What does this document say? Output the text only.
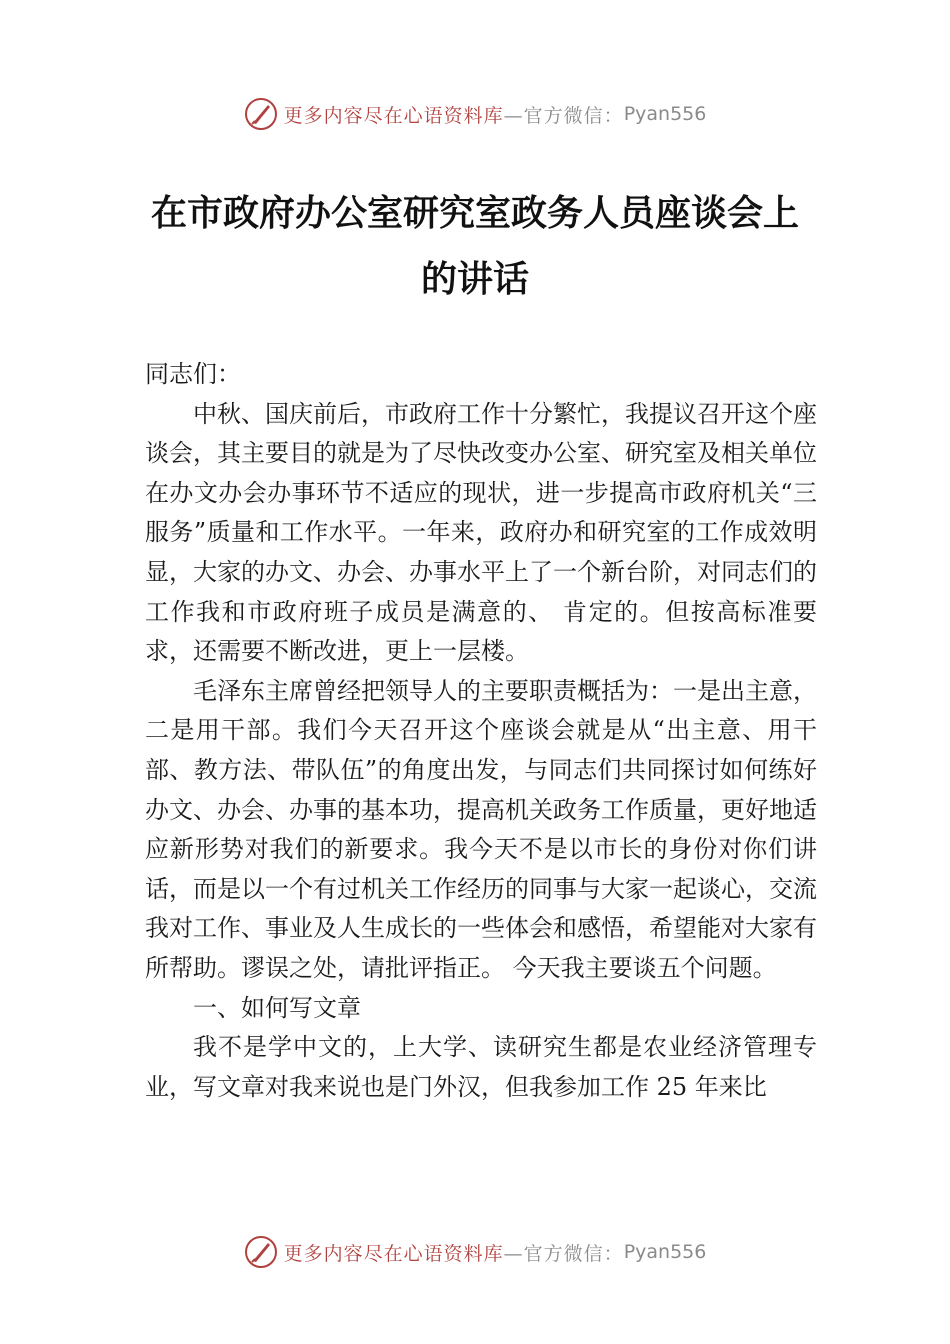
更多内容尽在心语资料库 —官方微信： Pyan556
在市政府办公室研究室政务人员座谈会上
的讲话

同志们：

中秋、国庆前后，市政府工作十分繁忙，我提议召开这个座谈会，其主要目的就是为了尽快改变办公室、研究室及相关单位在办文办会办事环节不适应的现状，进一步提高市政府机关“三服务”质量和工作水平。一年来，政府办和研究室的工作成效明显，大家的办文、办会、办事水平上了一个新台阶，对同志们的工作我和市政府班子成员是满意的、 肯定的。但按高标准要求，还需要不断改进，更上一层楼。

毛泽东主席曾经把领导人的主要职责概括为：一是出主意，二是用干部。我们今天召开这个座谈会就是从“出主意、用干部、教方法、带队伍”的角度出发，与同志们共同探讨如何练好办文、办会、办事的基本功，提高机关政务工作质量，更好地适应新形势对我们的新要求。我今天不是以市长的身份对你们讲话，而是以一个有过机关工作经历的同事与大家一起谈心，交流我对工作、事业及人生成长的一些体会和感悟，希望能对大家有所帮助。谬误之处，请批评指正。 今天我主要谈五个问题。

一、如何写文章

我不是学中文的，上大学、读研究生都是农业经济管理专业，写文章对我来说也是门外汉，但我参加工作 25 年来比

更多内容尽在心语资料库 —官方微信： Pyan556
